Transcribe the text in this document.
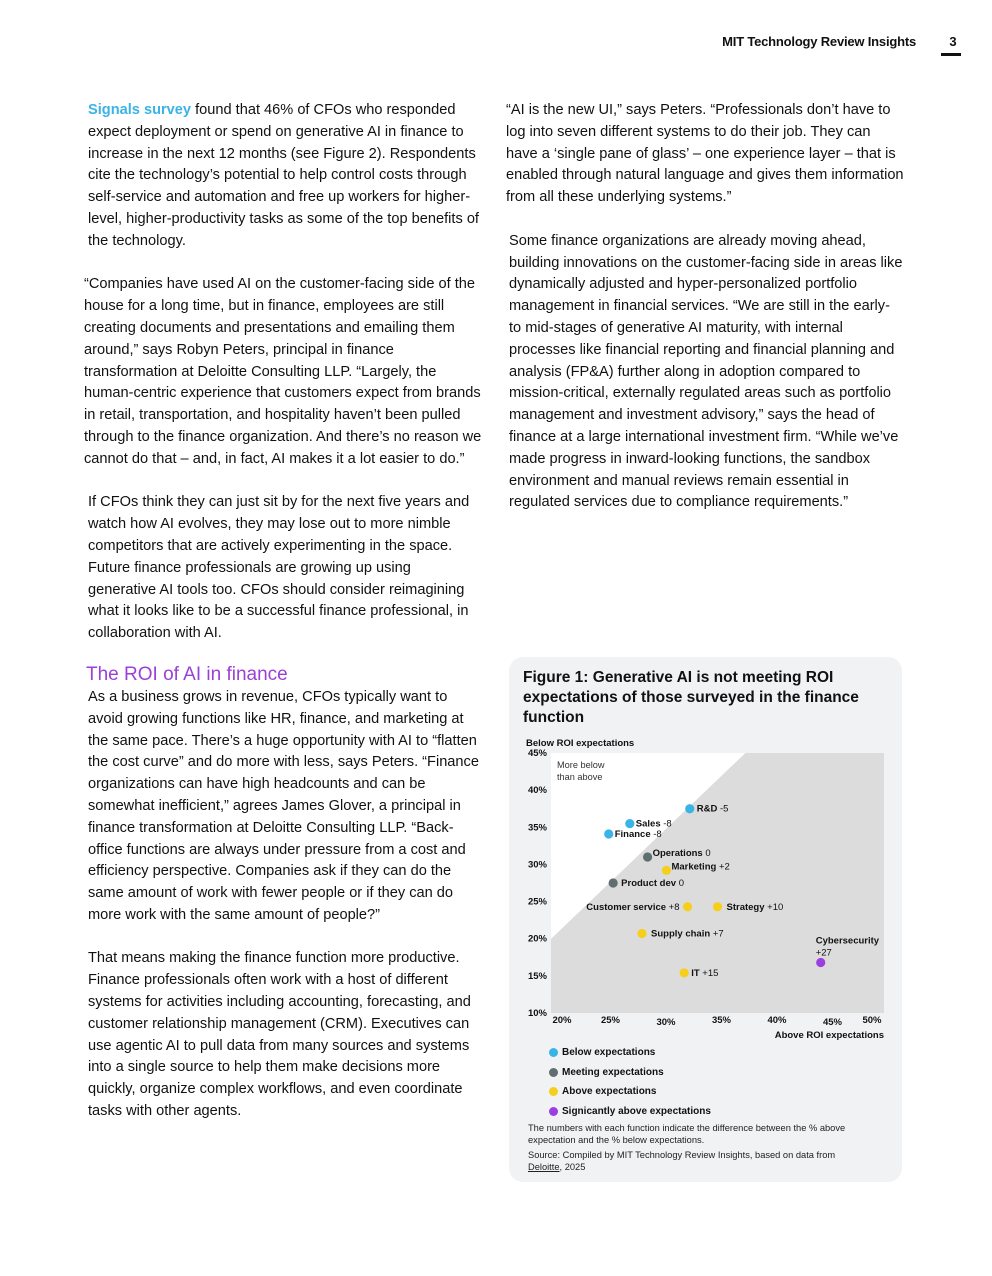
MIT Technology Review Insights	3

Signals survey found that 46% of CFOs who responded expect deployment or spend on generative AI in finance to increase in the next 12 months (see Figure 2). Respondents cite the technology’s potential to help control costs through self-service and automation and free up workers for higher-level, higher-productivity tasks as some of the top benefits of the technology.

“Companies have used AI on the customer-facing side of the house for a long time, but in finance, employees are still creating documents and presentations and emailing them around,” says Robyn Peters, principal in finance transformation at Deloitte Consulting LLP. “Largely, the human-centric experience that customers expect from brands in retail, transportation, and hospitality haven’t been pulled through to the finance organization. And there’s no reason we cannot do that – and, in fact, AI makes it a lot easier to do.”

If CFOs think they can just sit by for the next five years and watch how AI evolves, they may lose out to more nimble competitors that are actively experimenting in the space. Future finance professionals are growing up using generative AI tools too. CFOs should consider reimagining what it looks like to be a successful finance professional, in collaboration with AI.

The ROI of AI in finance

As a business grows in revenue, CFOs typically want to avoid growing functions like HR, finance, and marketing at the same pace. There’s a huge opportunity with AI to “flatten the cost curve” and do more with less, says Peters. “Finance organizations can have high headcounts and can be somewhat inefficient,” agrees James Glover, a principal in finance transformation at Deloitte Consulting LLP. “Back-office functions are always under pressure from a cost and efficiency perspective. Companies ask if they can do the same amount of work with fewer people or if they can do more work with the same amount of people?”

That means making the finance function more productive. Finance professionals often work with a host of different systems for activities including accounting, forecasting, and customer relationship management (CRM). Executives can use agentic AI to pull data from many sources and systems into a single source to help them make decisions more quickly, organize complex workflows, and even coordinate tasks with other agents.

“AI is the new UI,” says Peters. “Professionals don’t have to log into seven different systems to do their job. They can have a ‘single pane of glass’ – one experience layer – that is enabled through natural language and gives them information from all these underlying systems.”

Some finance organizations are already moving ahead, building innovations on the customer-facing side in areas like dynamically adjusted and hyper-personalized portfolio management in financial services. “We are still in the early- to mid-stages of generative AI maturity, with internal processes like financial reporting and financial planning and analysis (FP&A) further along in adoption compared to mission-critical, externally regulated areas such as portfolio management and investment advisory,” says the head of finance at a large international investment firm. “While we’ve made progress in inward-looking functions, the sandbox environment and manual reviews remain essential in regulated services due to compliance requirements.”

Figure 1: Generative AI is not meeting ROI expectations of those surveyed in the finance function
Below ROI expectations
45%
40%
35%
30%
25%
20%
15%
10%
20%	25%	30%	35%	40%	45% 50%
Above ROI expectations
More below than above
R&D -5
Sales -8
Finance -8
Operations 0
Marketing +2
Product dev 0
Customer service +8	Strategy +10
Supply chain +7
IT +15
Cybersecurity
+27
Below expectations
Meeting expectations
Above expectations
Signicantly above expectations
The numbers with each function indicate the difference between the % above expectation and the % below expectations.
Source: Compiled by MIT Technology Review Insights, based on data from
Deloitte, 2025
